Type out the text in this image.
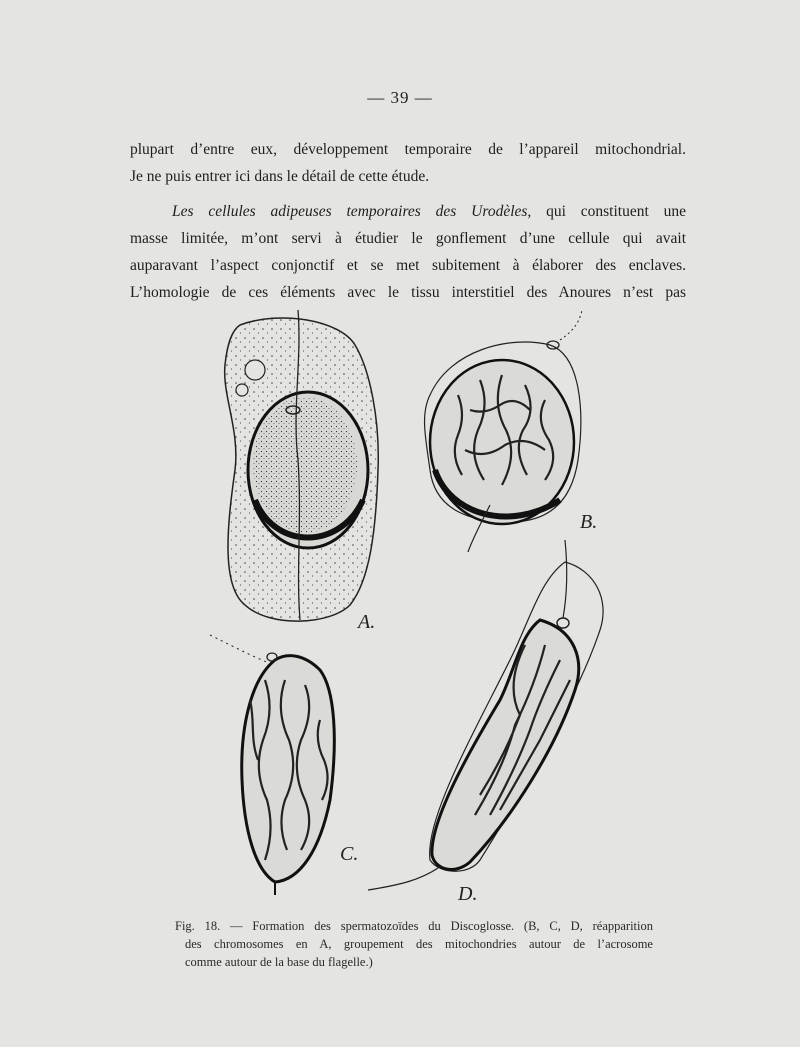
— 39 —

plupart d’entre eux, développement temporaire de l’appareil mitochondrial.
Je ne puis entrer ici dans le détail de cette étude.

Les cellules adipeuses temporaires des Urodèles, qui constituent une
masse limitée, m’ont servi à étudier le gonflement d’une cellule qui avait
auparavant l’aspect conjonctif et se met subitement à élaborer des enclaves.
L’homologie de ces éléments avec le tissu interstitiel des Anoures n’est pas

A.
B.
C.
D.
Fig. 18. — Formation des spermatozoïdes du Discoglosse. (B, C, D, réapparition
des chromosomes en A, groupement des mitochondries autour de l’acrosome
comme autour de la base du flagelle.)
